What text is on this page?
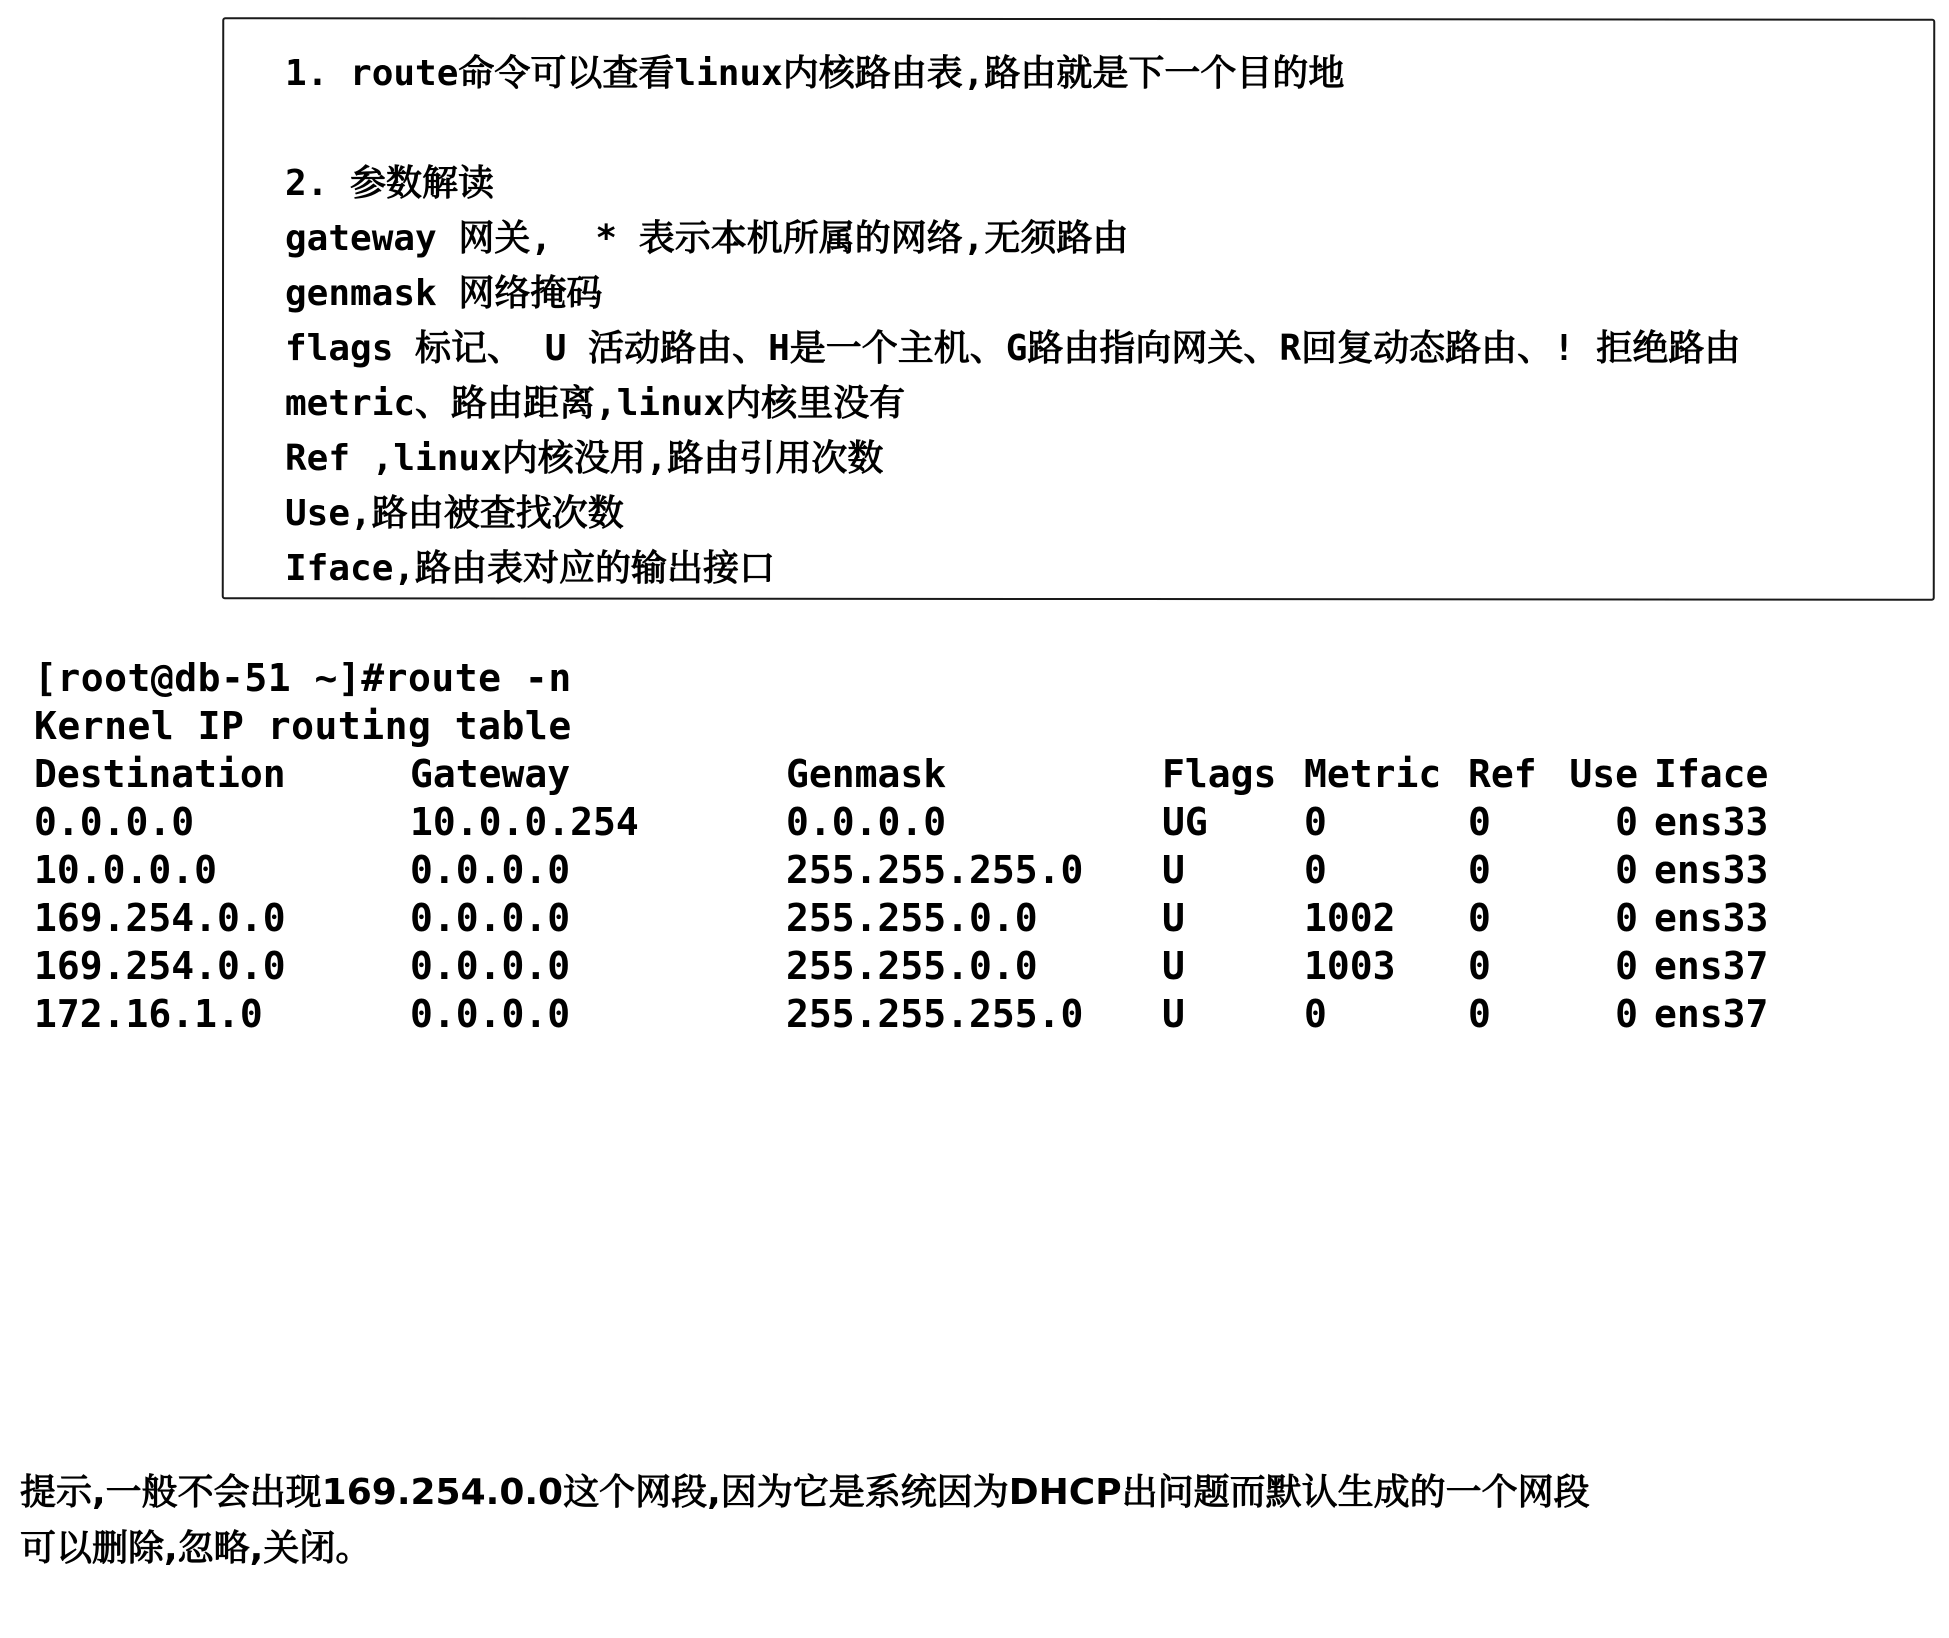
1. route命令可以查看linux内核路由表,路由就是下一个目的地
2. 参数解读
gateway 网关,  * 表示本机所属的网络,无须路由
genmask 网络掩码
flags 标记、 U 活动路由、H是一个主机、G路由指向网关、R回复动态路由、! 拒绝路由
metric、路由距离,linux内核里没有
Ref ,linux内核没用,路由引用次数
Use,路由被查找次数
Iface,路由表对应的输出接口
[root@db-51 ~]#route -n
Kernel IP routing table
Destination	Gateway	Genmask	Flags	Metric	Ref	Use	Iface
0.0.0.0	10.0.0.254	0.0.0.0	UG	0	0	0	ens33
10.0.0.0	0.0.0.0	255.255.255.0	U	0	0	0	ens33
169.254.0.0	0.0.0.0	255.255.0.0	U	1002	0	0	ens33
169.254.0.0	0.0.0.0	255.255.0.0	U	1003	0	0	ens37
172.16.1.0	0.0.0.0	255.255.255.0	U	0	0	0	ens37
提示,一般不会出现169.254.0.0这个网段,因为它是系统因为DHCP出问题而默认生成的一个网段
可以删除,忽略,关闭。
